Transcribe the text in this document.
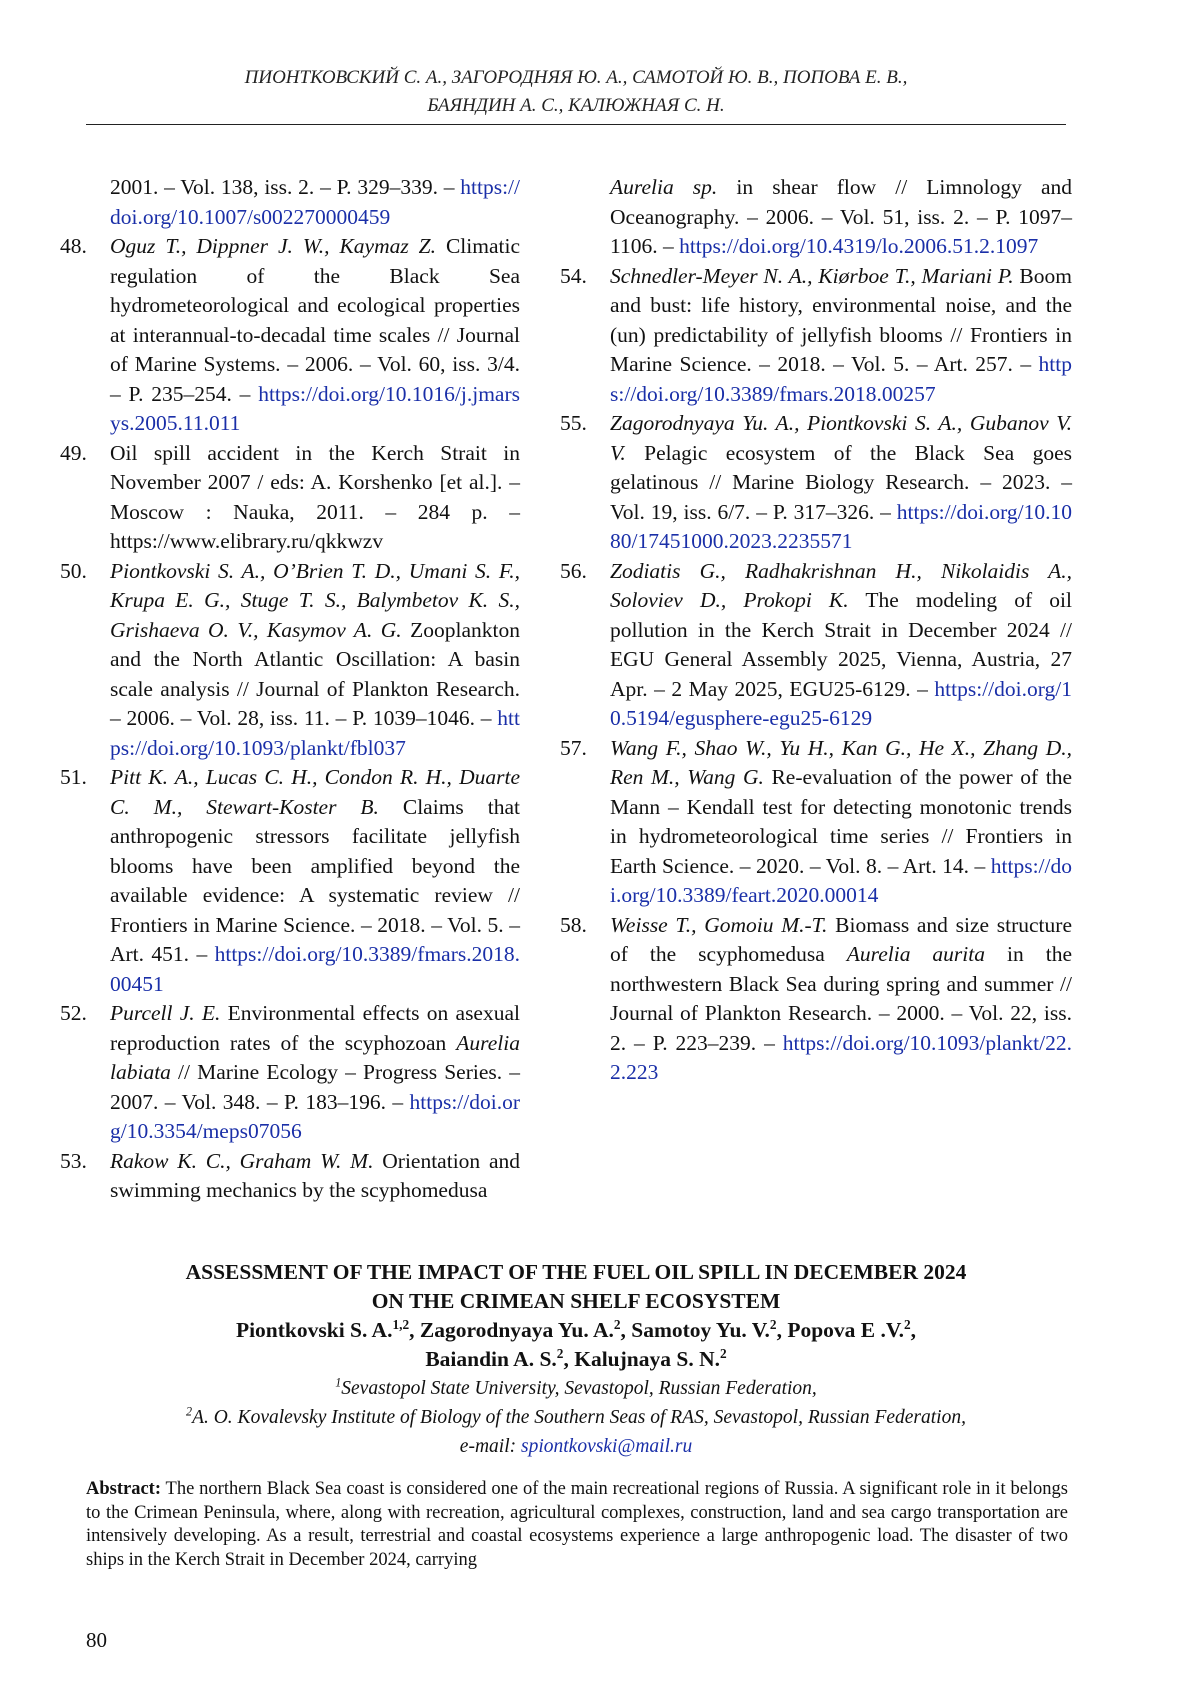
ПИОНТКОВСКИЙ С. А., ЗАГОРОДНЯЯ Ю. А., САМОТОЙ Ю. В., ПОПОВА Е. В.,
БАЯНДИН А. С., КАЛЮЖНАЯ С. Н.
2001. – Vol. 138, iss. 2. – P. 329–339. – https://doi.org/10.1007/s002270000459
48. Oguz T., Dippner J. W., Kaymaz Z. Climatic regulation of the Black Sea hydrometeorological and ecological properties at interannual-to-decadal time scales // Journal of Marine Systems. – 2006. – Vol. 60, iss. 3/4. – P. 235–254. – https://doi.org/10.1016/j.jmarsys.2005.11.011
49. Oil spill accident in the Kerch Strait in November 2007 / eds: A. Korshenko [et al.]. – Moscow : Nauka, 2011. – 284 p. – https://www.elibrary.ru/qkkwzv
50. Piontkovski S. A., O’Brien T. D., Umani S. F., Krupa E. G., Stuge T. S., Balymbetov K. S., Grishaeva O. V., Kasymov A. G. Zooplankton and the North Atlantic Oscillation: A basin scale analysis // Journal of Plankton Research. – 2006. – Vol. 28, iss. 11. – P. 1039–1046. – https://doi.org/10.1093/plankt/fbl037
51. Pitt K. A., Lucas C. H., Condon R. H., Duarte C. M., Stewart-Koster B. Claims that anthropogenic stressors facilitate jellyfish blooms have been amplified beyond the available evidence: A systematic review // Frontiers in Marine Science. – 2018. – Vol. 5. – Art. 451. – https://doi.org/10.3389/fmars.2018.00451
52. Purcell J. E. Environmental effects on asexual reproduction rates of the scyphozoan Aurelia labiata // Marine Ecology – Progress Series. – 2007. – Vol. 348. – P. 183–196. – https://doi.org/10.3354/meps07056
53. Rakow K. C., Graham W. M. Orientation and swimming mechanics by the scyphomedusa
Aurelia sp. in shear flow // Limnology and Oceanography. – 2006. – Vol. 51, iss. 2. – P. 1097–1106. – https://doi.org/10.4319/lo.2006.51.2.1097
54. Schnedler-Meyer N. A., Kiørboe T., Mariani P. Boom and bust: life history, environmental noise, and the (un) predictability of jellyfish blooms // Frontiers in Marine Science. – 2018. – Vol. 5. – Art. 257. – https://doi.org/10.3389/fmars.2018.00257
55. Zagorodnyaya Yu. A., Piontkovski S. A., Gubanov V. V. Pelagic ecosystem of the Black Sea goes gelatinous // Marine Biology Research. – 2023. – Vol. 19, iss. 6/7. – P. 317–326. – https://doi.org/10.1080/17451000.2023.2235571
56. Zodiatis G., Radhakrishnan H., Nikolaidis A., Soloviev D., Prokopi K. The modeling of oil pollution in the Kerch Strait in December 2024 // EGU General Assembly 2025, Vienna, Austria, 27 Apr. – 2 May 2025, EGU25-6129. – https://doi.org/10.5194/egusphere-egu25-6129
57. Wang F., Shao W., Yu H., Kan G., He X., Zhang D., Ren M., Wang G. Re-evaluation of the power of the Mann – Kendall test for detecting monotonic trends in hydrometeorological time series // Frontiers in Earth Science. – 2020. – Vol. 8. – Art. 14. – https://doi.org/10.3389/feart.2020.00014
58. Weisse T., Gomoiu M.-T. Biomass and size structure of the scyphomedusa Aurelia aurita in the northwestern Black Sea during spring and summer // Journal of Plankton Research. – 2000. – Vol. 22, iss. 2. – P. 223–239. – https://doi.org/10.1093/plankt/22.2.223
ASSESSMENT OF THE IMPACT OF THE FUEL OIL SPILL IN DECEMBER 2024
ON THE CRIMEAN SHELF ECOSYSTEM
Piontkovski S. A.$^{1,2}$, Zagorodnyaya Yu. A.$^2$, Samotoy Yu. V.$^2$, Popova E .V.$^2$,
Baiandin A. S.$^2$, Kalujnaya S. N.$^2$
$^1$Sevastopol State University, Sevastopol, Russian Federation,
$^2$A. O. Kovalevsky Institute of Biology of the Southern Seas of RAS, Sevastopol, Russian Federation,
e-mail: spiontkovski@mail.ru
Abstract: The northern Black Sea coast is considered one of the main recreational regions of Russia. A significant role in it belongs to the Crimean Peninsula, where, along with recreation, agricultural complexes, construction, land and sea cargo transportation are intensively developing. As a result, terrestrial and coastal ecosystems experience a large anthropogenic load. The disaster of two ships in the Kerch Strait in December 2024, carrying
80
